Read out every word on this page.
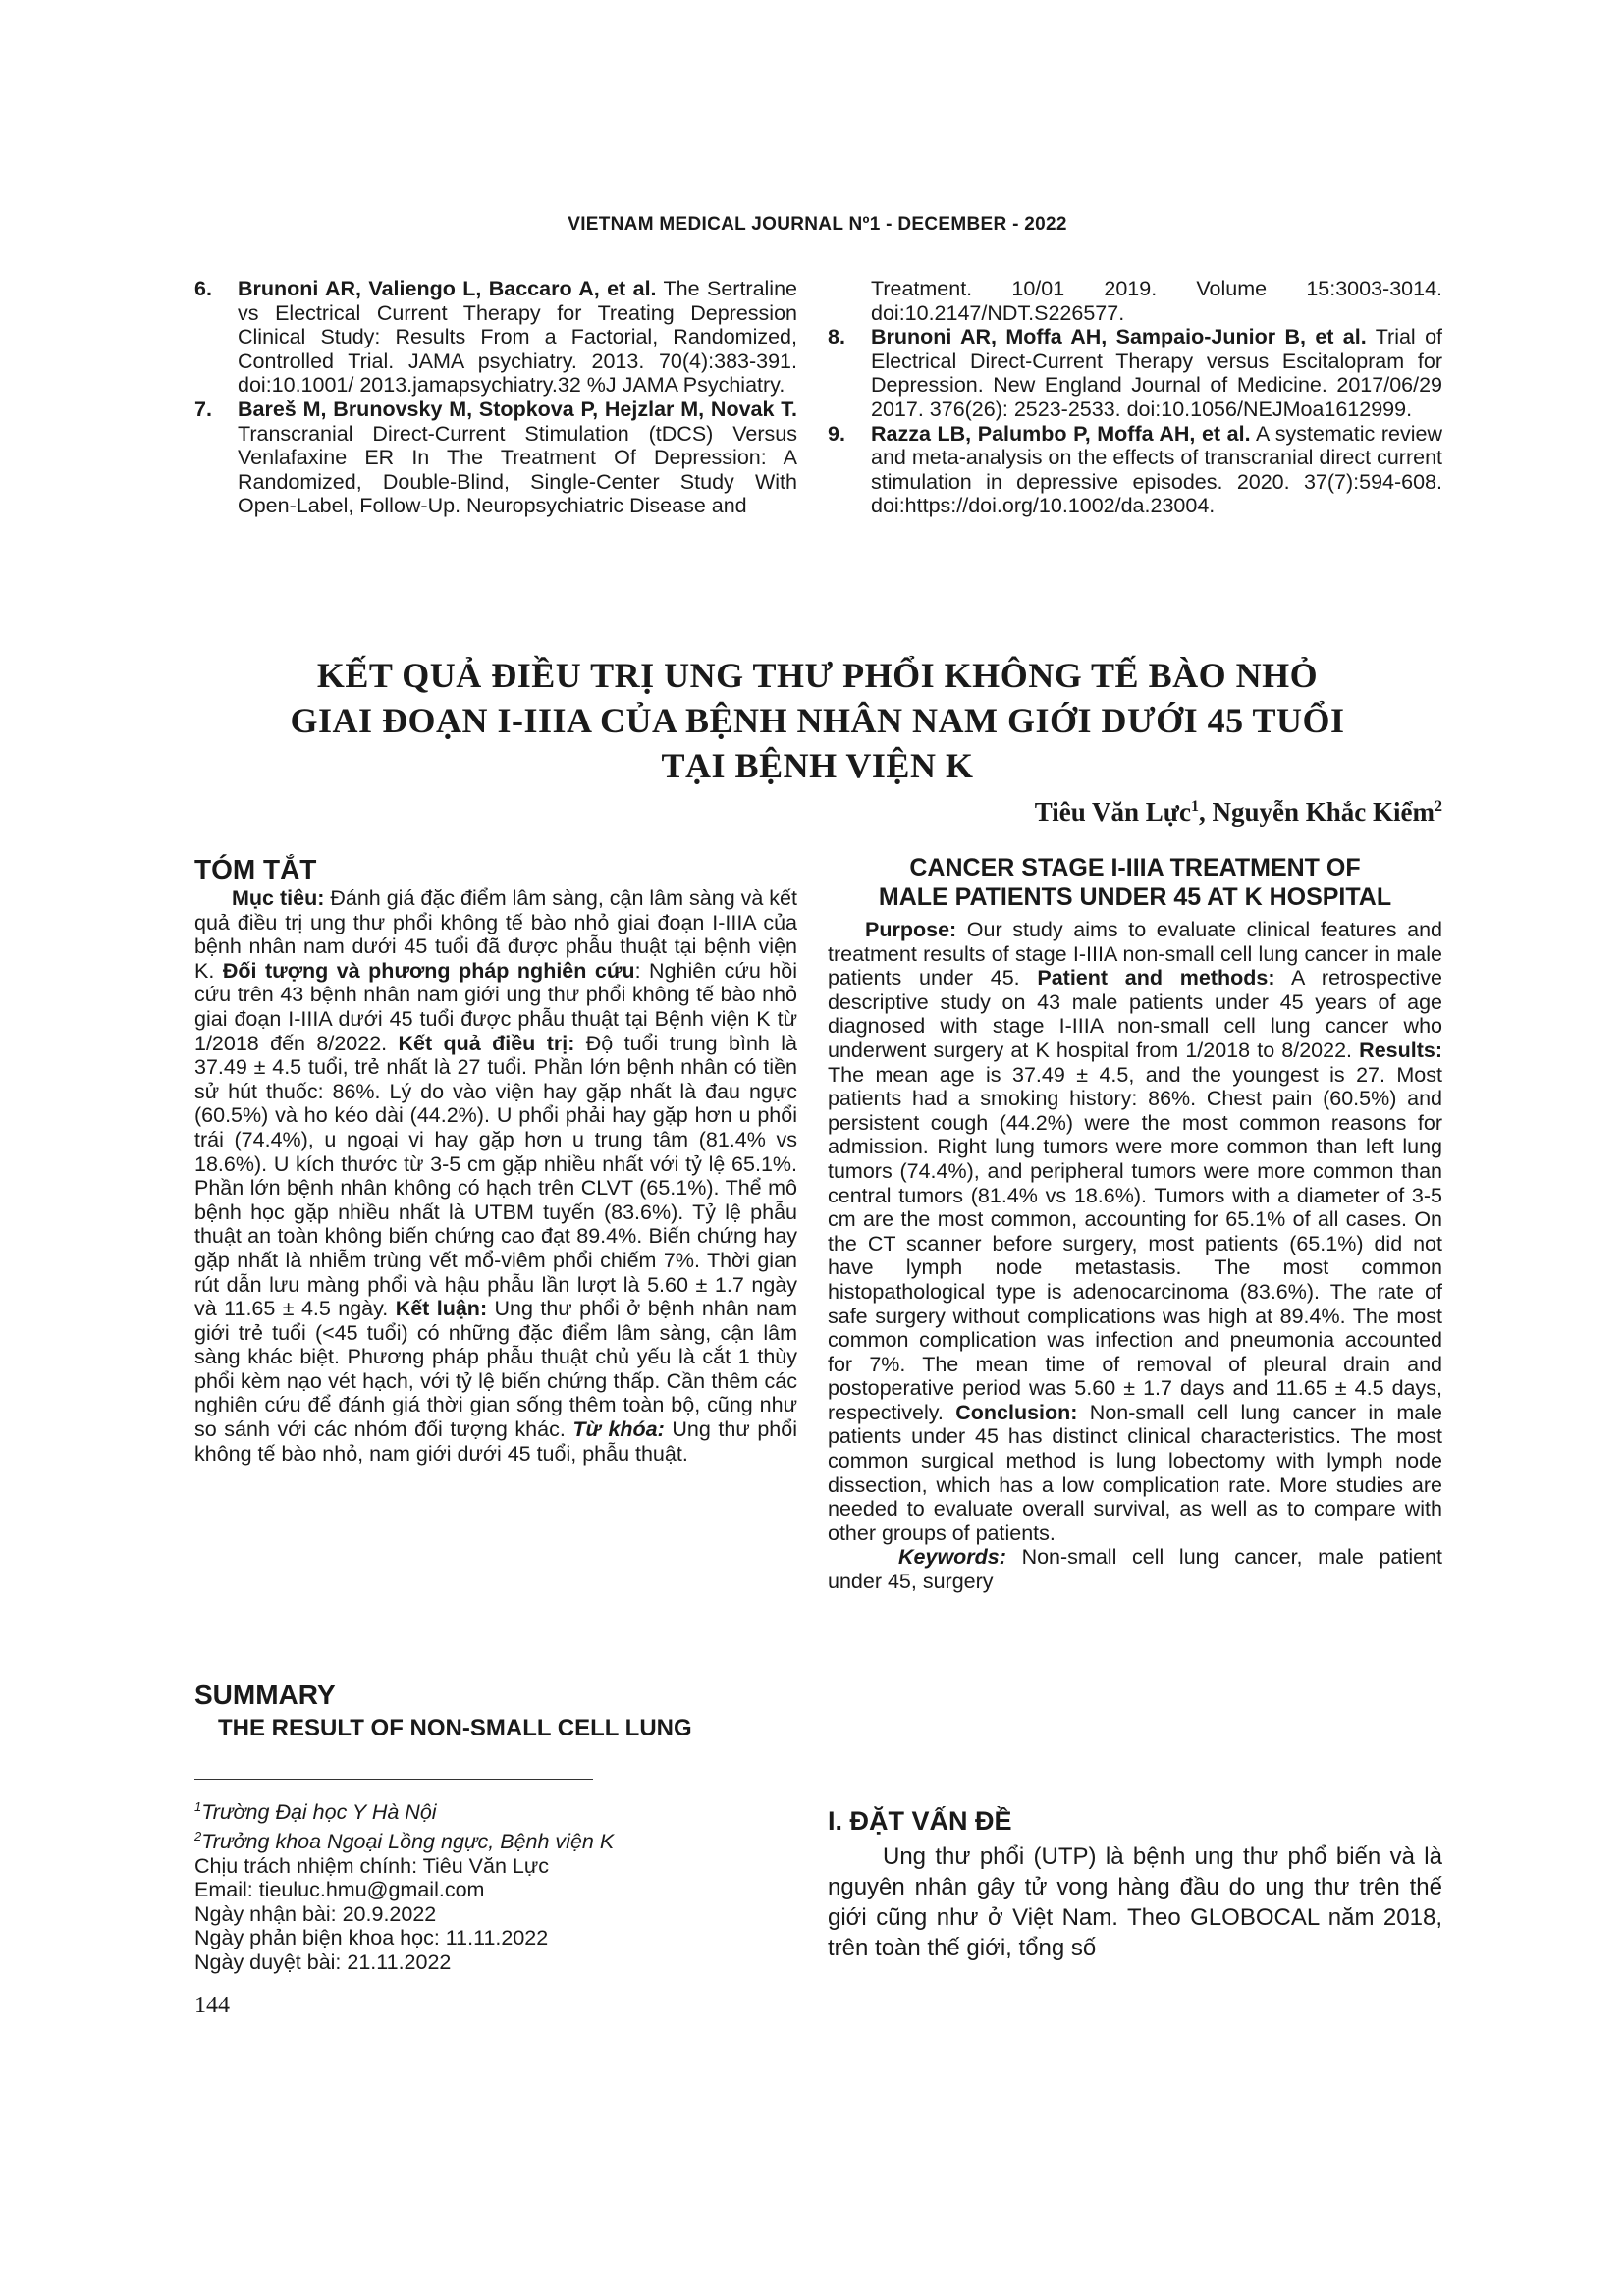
VIETNAM MEDICAL JOURNAL Nº1 - DECEMBER - 2022
6.	Brunoni AR, Valiengo L, Baccaro A, et al. The Sertraline vs Electrical Current Therapy for Treating Depression Clinical Study: Results From a Factorial, Randomized, Controlled Trial. JAMA psychiatry. 2013. 70(4):383-391. doi:10.1001/ 2013.jamapsychiatry.32 %J JAMA Psychiatry.
7.	Bareš M, Brunovsky M, Stopkova P, Hejzlar M, Novak T. Transcranial Direct-Current Stimulation (tDCS) Versus Venlafaxine ER In The Treatment Of Depression: A Randomized, Double-Blind, Single-Center Study With Open-Label, Follow-Up. Neuropsychiatric Disease and
Treatment. 10/01 2019. Volume 15:3003-3014. doi:10.2147/NDT.S226577.
8.	Brunoni AR, Moffa AH, Sampaio-Junior B, et al. Trial of Electrical Direct-Current Therapy versus Escitalopram for Depression. New England Journal of Medicine. 2017/06/29 2017. 376(26): 2523-2533. doi:10.1056/NEJMoa1612999.
9.	Razza LB, Palumbo P, Moffa AH, et al. A systematic review and meta-analysis on the effects of transcranial direct current stimulation in depressive episodes. 2020. 37(7):594-608. doi:https://doi.org/10.1002/da.23004.
KẾT QUẢ ĐIỀU TRỊ UNG THƯ PHỔI KHÔNG TẾ BÀO NHỎ
GIAI ĐOẠN I-IIIA CỦA BỆNH NHÂN NAM GIỚI DƯỚI 45 TUỔI
TẠI BỆNH VIỆN K
Tiêu Văn Lực$^1$, Nguyễn Khắc Kiểm$^2$
TÓM TẮT

Mục tiêu: Đánh giá đặc điểm lâm sàng, cận lâm sàng và kết quả điều trị ung thư phổi không tế bào nhỏ giai đoạn I-IIIA của bệnh nhân nam dưới 45 tuổi đã được phẫu thuật tại bệnh viện K. Đối tượng và phương pháp nghiên cứu: Nghiên cứu hồi cứu trên 43 bệnh nhân nam giới ung thư phổi không tế bào nhỏ giai đoạn I-IIIA dưới 45 tuổi được phẫu thuật tại Bệnh viện K từ 1/2018 đến 8/2022. Kết quả điều trị: Độ tuổi trung bình là 37.49 ± 4.5 tuổi, trẻ nhất là 27 tuổi. Phần lớn bệnh nhân có tiền sử hút thuốc: 86%. Lý do vào viện hay gặp nhất là đau ngực (60.5%) và ho kéo dài (44.2%). U phổi phải hay gặp hơn u phổi trái (74.4%), u ngoại vi hay gặp hơn u trung tâm (81.4% vs 18.6%). U kích thước từ 3-5 cm gặp nhiều nhất với tỷ lệ 65.1%. Phần lớn bệnh nhân không có hạch trên CLVT (65.1%). Thể mô bệnh học gặp nhiều nhất là UTBM tuyến (83.6%). Tỷ lệ phẫu thuật an toàn không biến chứng cao đạt 89.4%. Biến chứng hay gặp nhất là nhiễm trùng vết mổ-viêm phổi chiếm 7%. Thời gian rút dẫn lưu màng phổi và hậu phẫu lần lượt là 5.60 ± 1.7 ngày và 11.65 ± 4.5 ngày. Kết luận: Ung thư phổi ở bệnh nhân nam giới trẻ tuổi (<45 tuổi) có những đặc điểm lâm sàng, cận lâm sàng khác biệt. Phương pháp phẫu thuật chủ yếu là cắt 1 thùy phổi kèm nạo vét hạch, với tỷ lệ biến chứng thấp. Cần thêm các nghiên cứu để đánh giá thời gian sống thêm toàn bộ, cũng như so sánh với các nhóm đối tượng khác. Từ khóa: Ung thư phổi không tế bào nhỏ, nam giới dưới 45 tuổi, phẫu thuật.

SUMMARY
THE RESULT OF NON-SMALL CELL LUNG
$^1$Trường Đại học Y Hà Nội
$^2$Trưởng khoa Ngoại Lồng ngực, Bệnh viện K
Chịu trách nhiệm chính: Tiêu Văn Lực
Email: tieuluc.hmu@gmail.com
Ngày nhận bài: 20.9.2022
Ngày phản biện khoa học: 11.11.2022
Ngày duyệt bài: 21.11.2022
144
CANCER STAGE I-IIIA TREATMENT OF
MALE PATIENTS UNDER 45 AT K HOSPITAL

Purpose: Our study aims to evaluate clinical features and treatment results of stage I-IIIA non-small cell lung cancer in male patients under 45. Patient and methods: A retrospective descriptive study on 43 male patients under 45 years of age diagnosed with stage I-IIIA non-small cell lung cancer who underwent surgery at K hospital from 1/2018 to 8/2022. Results: The mean age is 37.49 ± 4.5, and the youngest is 27. Most patients had a smoking history: 86%. Chest pain (60.5%) and persistent cough (44.2%) were the most common reasons for admission. Right lung tumors were more common than left lung tumors (74.4%), and peripheral tumors were more common than central tumors (81.4% vs 18.6%). Tumors with a diameter of 3-5 cm are the most common, accounting for 65.1% of all cases. On the CT scanner before surgery, most patients (65.1%) did not have lymph node metastasis. The most common histopathological type is adenocarcinoma (83.6%). The rate of safe surgery without complications was high at 89.4%. The most common complication was infection and pneumonia accounted for 7%. The mean time of removal of pleural drain and postoperative period was 5.60 ± 1.7 days and 11.65 ± 4.5 days, respectively. Conclusion: Non-small cell lung cancer in male patients under 45 has distinct clinical characteristics. The most common surgical method is lung lobectomy with lymph node dissection, which has a low complication rate. More studies are needed to evaluate overall survival, as well as to compare with other groups of patients.

Keywords: Non-small cell lung cancer, male patient under 45, surgery

I. ĐẶT VẤN ĐỀ
Ung thư phổi (UTP) là bệnh ung thư phổ biến và là nguyên nhân gây tử vong hàng đầu do ung thư trên thế giới cũng như ở Việt Nam. Theo GLOBOCAL năm 2018, trên toàn thế giới, tổng số
